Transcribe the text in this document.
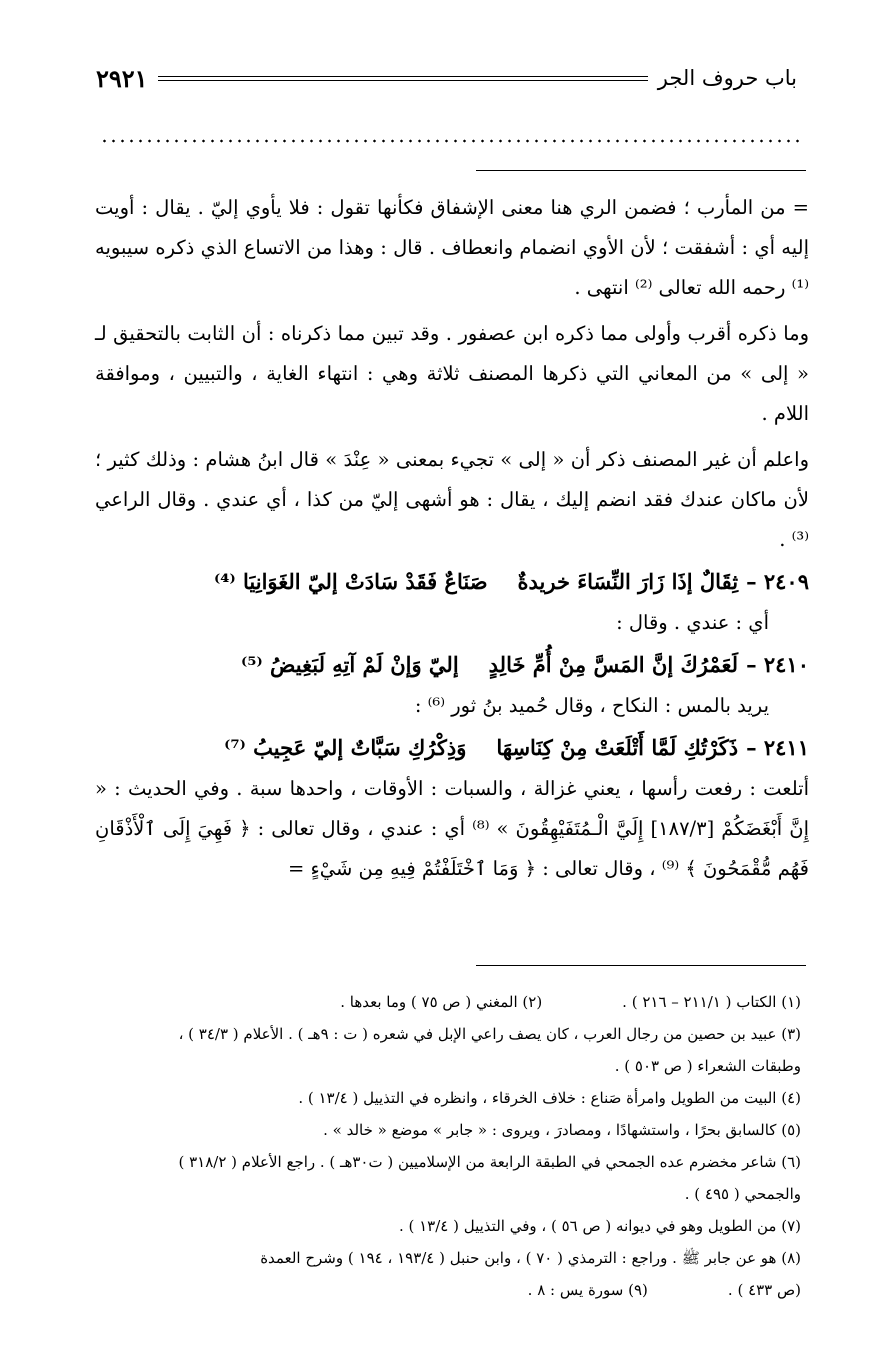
باب حروف الجر
٢٩٢١

= من المأرب ؛ فضمن الري هنا معنى الإشفاق فكأنها تقول : فلا يأوي إليّ . يقال : أويت إليه أي : أشفقت ؛ لأن الأوي انضمام وانعطاف . قال : وهذا من الاتساع الذي ذكره سيبويه ⁽¹⁾ رحمه الله تعالى ⁽²⁾ انتهى .

وما ذكره أقرب وأولى مما ذكره ابن عصفور . وقد تبين مما ذكرناه : أن الثابت بالتحقيق لـ « إلى » من المعاني التي ذكرها المصنف ثلاثة وهي : انتهاء الغاية ، والتبيين ، وموافقة اللام .

واعلم أن غير المصنف ذكر أن « إلى » تجيء بمعنى « عِنْدَ » قال ابنُ هشام : وذلك كثير ؛ لأن ماكان عندك فقد انضم إليك ، يقال : هو أشهى إليّ من كذا ، أي عندي . وقال الراعي ⁽³⁾ .

٢٤٠٩ –
ثِقَالٌ إذَا زَارَ النِّسَاءَ خريدةٌ
صَنَاعٌ فَقَدْ سَادَتْ إليّ الغَوَانِيَا ⁽⁴⁾

أي : عندي . وقال :

٢٤١٠ –
لَعَمْرُكَ إنَّ المَسَّ مِنْ أُمِّ خَالِدٍ
إليّ وَإنْ لَمْ آتِهِ لَبَغِيضُ ⁽⁵⁾

يريد بالمس : النكاح ، وقال حُميد بنُ ثور ⁽⁶⁾ :

٢٤١١ –
ذَكَرْتُكِ لَمَّا أَتْلَعَتْ مِنْ كِنَاسِهَا
وَذِكْرُكِ سَبَّاتٌ إليّ عَجِيبُ ⁽⁷⁾

أتلعت : رفعت رأسها ، يعني غزالة ، والسبات : الأوقات ، واحدها سبة . وفي الحديث : « إِنَّ أَبْغَضَكُمْ [١٨٧/٣] إِلَيَّ الْـمُتَفَيْهِقُونَ » ⁽⁸⁾ أي : عندي ، وقال تعالى : ﴿ فَهِيَ إِلَى ٱلْأَذْقَانِ فَهُم مُّقْمَحُونَ ﴾ ⁽⁹⁾ ، وقال تعالى : ﴿ وَمَا ٱخْتَلَفْتُمْ فِيهِ مِن شَيْءٍ =

(١) الكتاب ( ٢١١/١ – ٢١٦ ) .
(٢) المغني ( ص ٧٥ ) وما بعدها .
(٣) عبيد بن حصين من رجال العرب ، كان يصف راعي الإبل في شعره ( ت : ٩هـ ) . الأعلام ( ٣٤/٣ ) ،
وطبقات الشعراء ( ص ٥٠٣ ) .
(٤) البيت من الطويل وامرأة صَناع : خلاف الخرقاء ، وانظره في التذييل ( ١٣/٤ ) .
(٥) كالسابق بحرًا ، واستشهادًا ، ومصادرَ ، ويروى : « جابر » موضع « خالد » .
(٦) شاعر مخضرم عده الجمحي في الطبقة الرابعة من الإسلاميين ( ت٣٠هـ ) . راجع الأعلام ( ٣١٨/٢ )
والجمحي ( ٤٩٥ ) .
(٧) من الطويل وهو في ديوانه ( ص ٥٦ ) ، وفي التذييل ( ١٣/٤ ) .
(٨) هو عن جابر ﷺ . وراجع : الترمذي ( ٧٠ ) ، وابن حنبل ( ١٩٣/٤ ، ١٩٤ ) وشرح العمدة
(ص ٤٣٣ ) .
(٩) سورة يس : ٨ .
